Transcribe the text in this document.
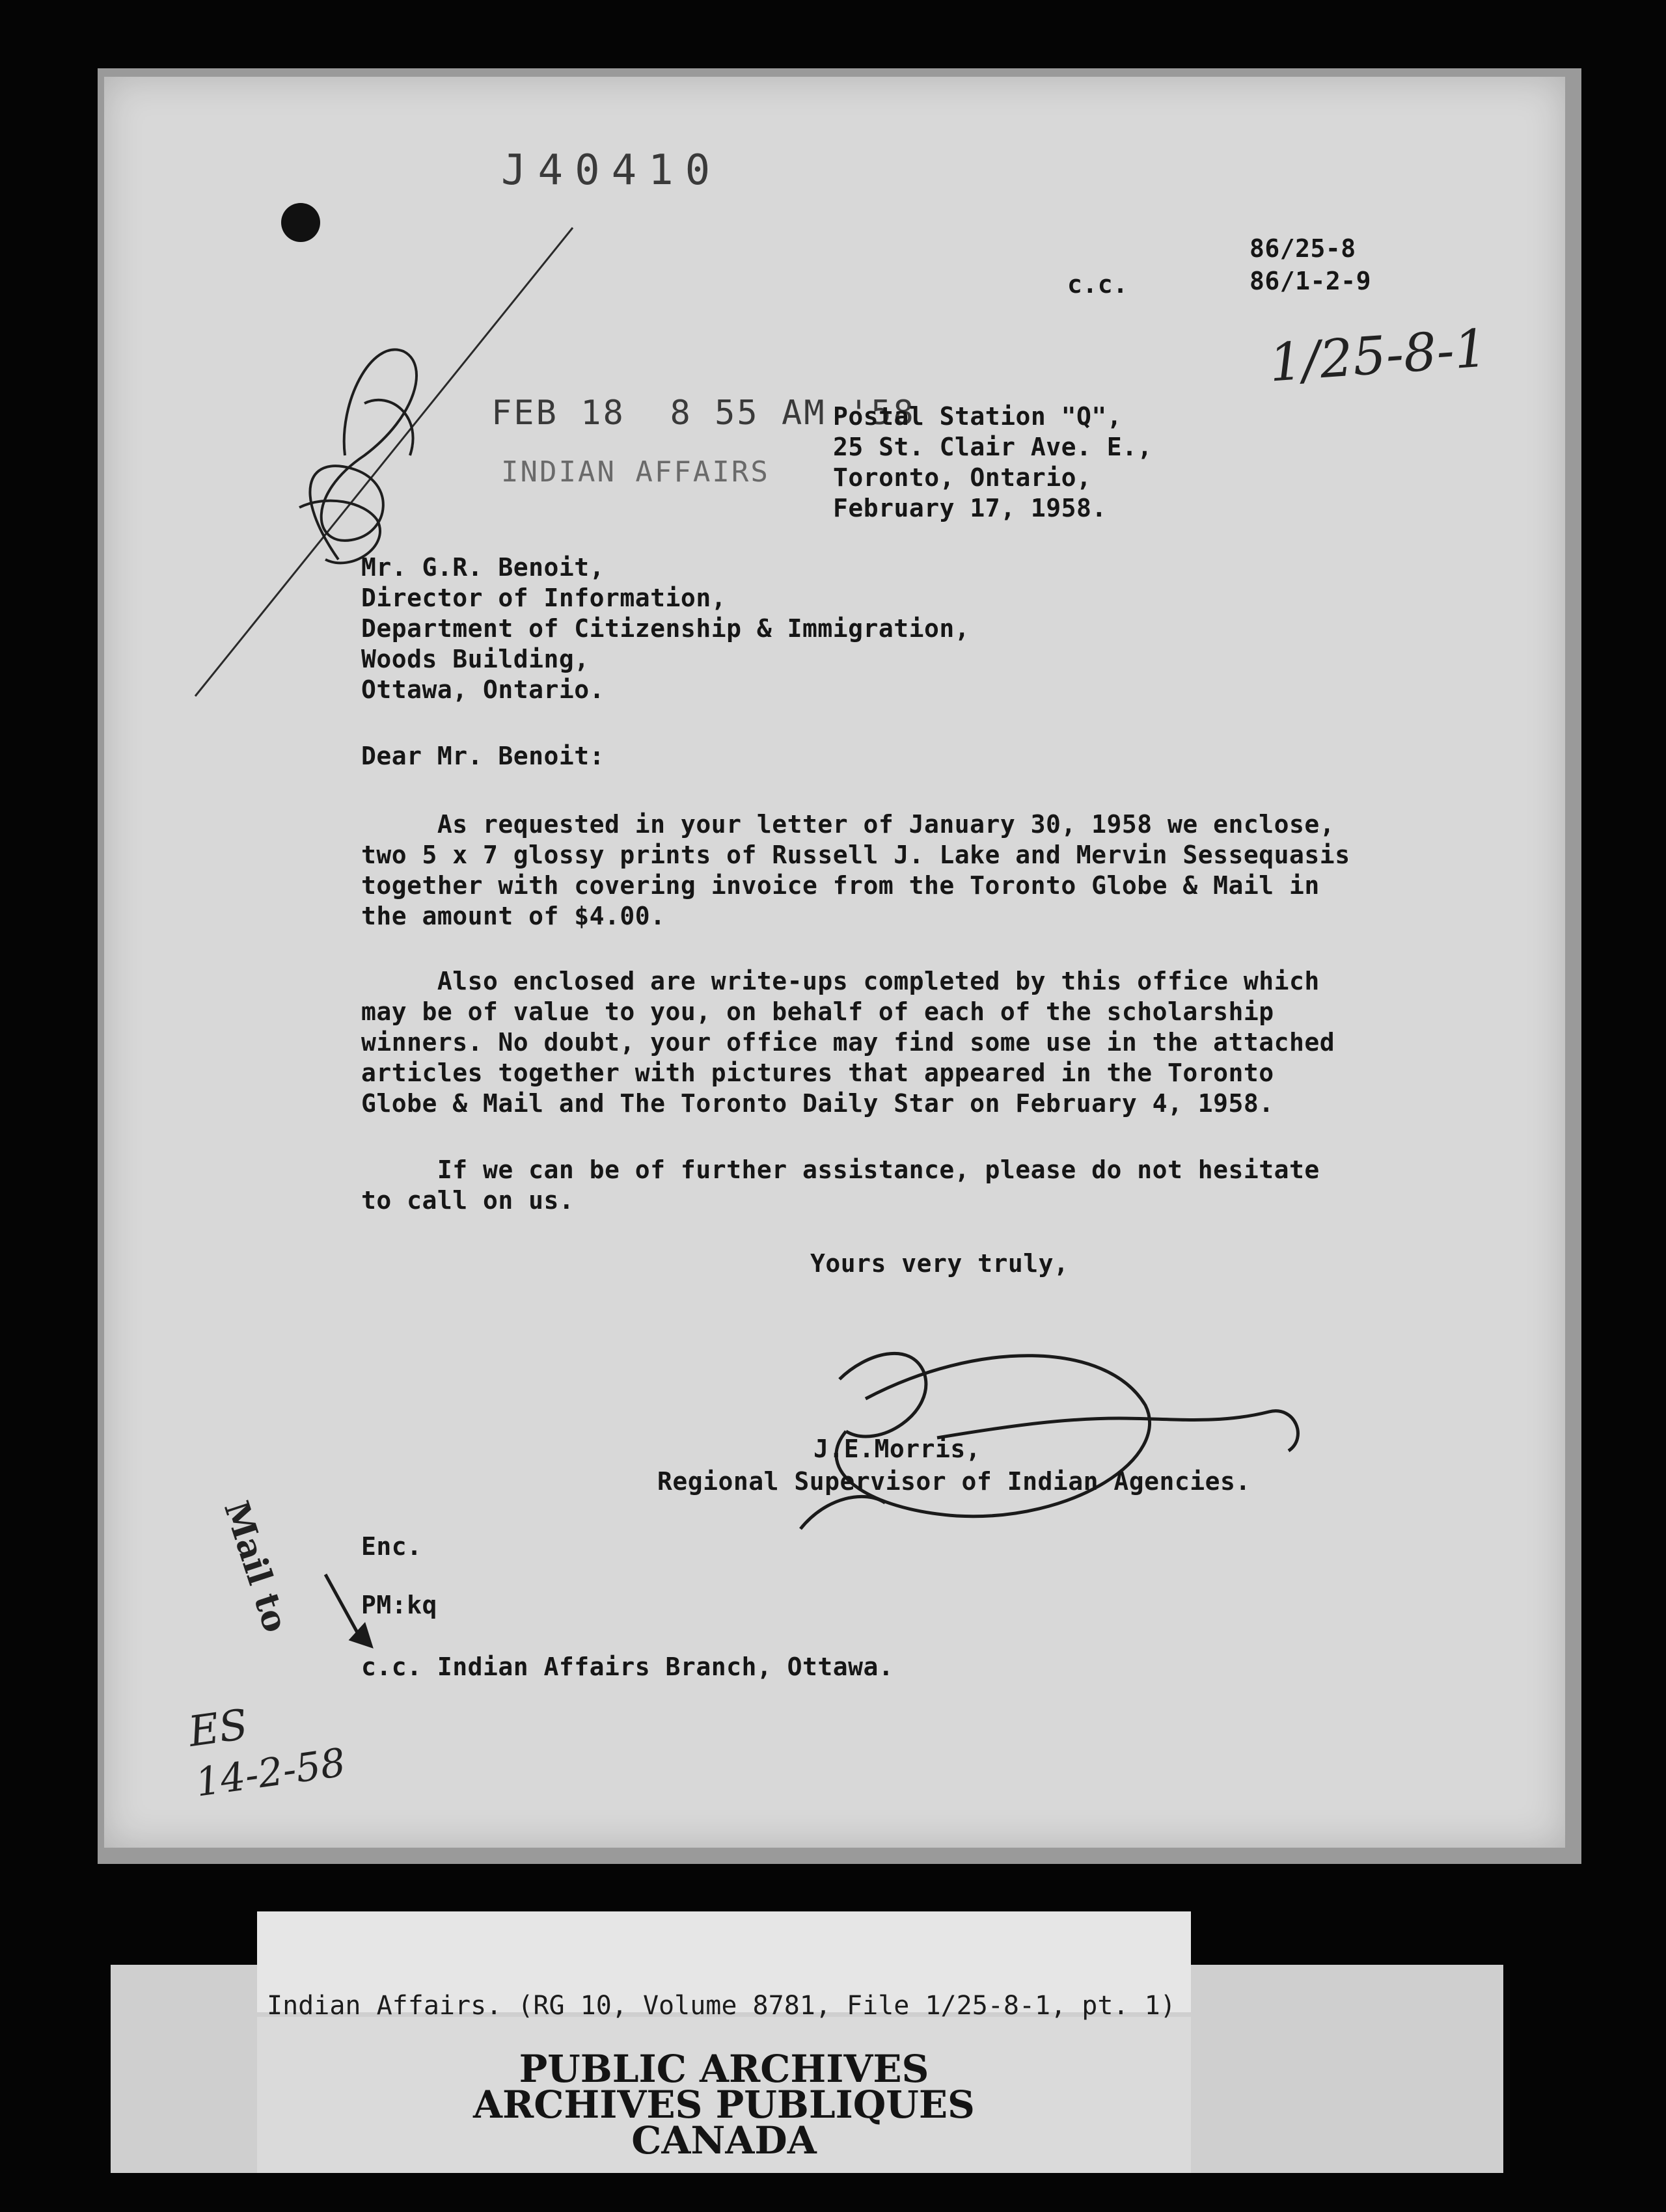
J40410
c.c.
86/25-8
86/1-2-9
1/25-8-1
FEB 18  8 55 AM '58
INDIAN AFFAIRS
Postal Station "Q",
25 St. Clair Ave. E.,
Toronto, Ontario,
February 17, 1958.
Mr. G.R. Benoit,
Director of Information,
Department of Citizenship & Immigration,
Woods Building,
Ottawa, Ontario.
Dear Mr. Benoit:
As requested in your letter of January 30, 1958 we enclose,
two 5 x 7 glossy prints of Russell J. Lake and Mervin Sessequasis
together with covering invoice from the Toronto Globe & Mail in
the amount of $4.00.
Also enclosed are write-ups completed by this office which
may be of value to you, on behalf of each of the scholarship
winners. No doubt, your office may find some use in the attached
articles together with pictures that appeared in the Toronto
Globe & Mail and The Toronto Daily Star on February 4, 1958.
If we can be of further assistance, please do not hesitate
to call on us.
Yours very truly,
J.E.Morris,
Regional Supervisor of Indian Agencies.
Mail to	Enc.
PM:kq
c.c. Indian Affairs Branch, Ottawa.
ES
14-2-58
Indian Affairs. (RG 10, Volume 8781, File 1/25-8-1, pt. 1)
PUBLIC ARCHIVES
ARCHIVES PUBLIQUES
CANADA
